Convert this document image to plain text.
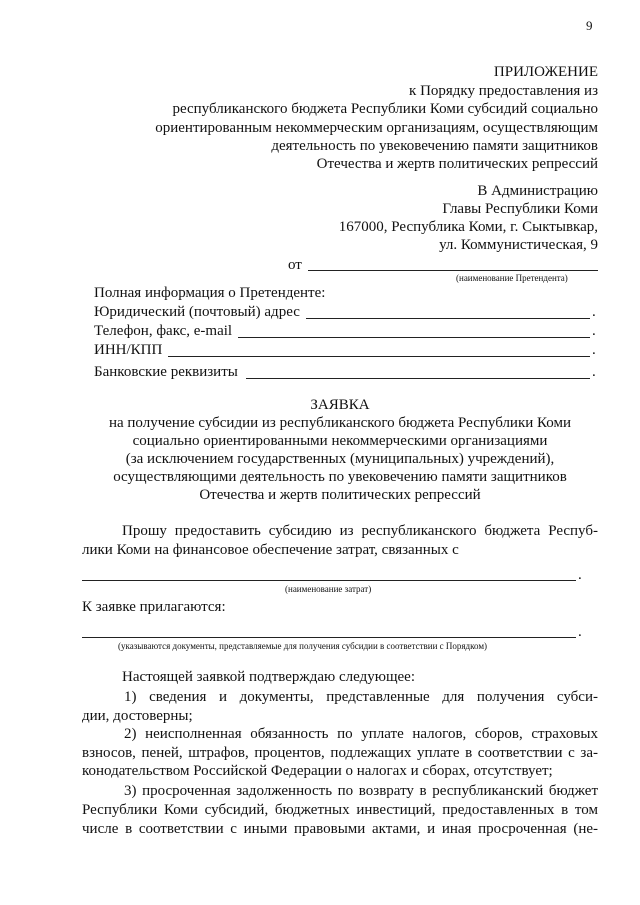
9
ПРИЛОЖЕНИЕ
к Порядку предоставления из
республиканского бюджета Республики Коми субсидий социально
ориентированным некоммерческим организациям, осуществляющим
деятельность по увековечению памяти защитников
Отечества и жертв политических репрессий
В Администрацию
Главы Республики Коми
167000, Республика Коми, г. Сыктывкар,
ул. Коммунистическая, 9
от
(наименование Претендента)
Полная информация о Претенденте:
Юридический (почтовый) адрес	.
Телефон, факс, e-mail	.
ИНН/КПП	.
Банковские реквизиты	.
ЗАЯВКА
на получение субсидии из республиканского бюджета Республики Коми
социально ориентированными некоммерческими организациями
(за исключением государственных (муниципальных) учреждений),
осуществляющими деятельность по увековечению памяти защитников
Отечества и жертв политических репрессий
Прошу предоставить субсидию из республиканского бюджета Респуб-
лики Коми на финансовое обеспечение затрат, связанных с
.
(наименование затрат)
К заявке прилагаются:
.
(указываются документы, представляемые для получения субсидии в соответствии с Порядком)
Настоящей заявкой подтверждаю следующее:
1) сведения и документы, представленные для получения субси-
дии, достоверны;
2) неисполненная обязанность по уплате налогов, сборов, страховых
взносов, пеней, штрафов, процентов, подлежащих уплате в соответствии с за-
конодательством Российской Федерации о налогах и сборах, отсутствует;
3) просроченная задолженность по возврату в республиканский бюджет
Республики Коми субсидий, бюджетных инвестиций, предоставленных в том
числе в соответствии с иными правовыми актами, и иная просроченная (не-
